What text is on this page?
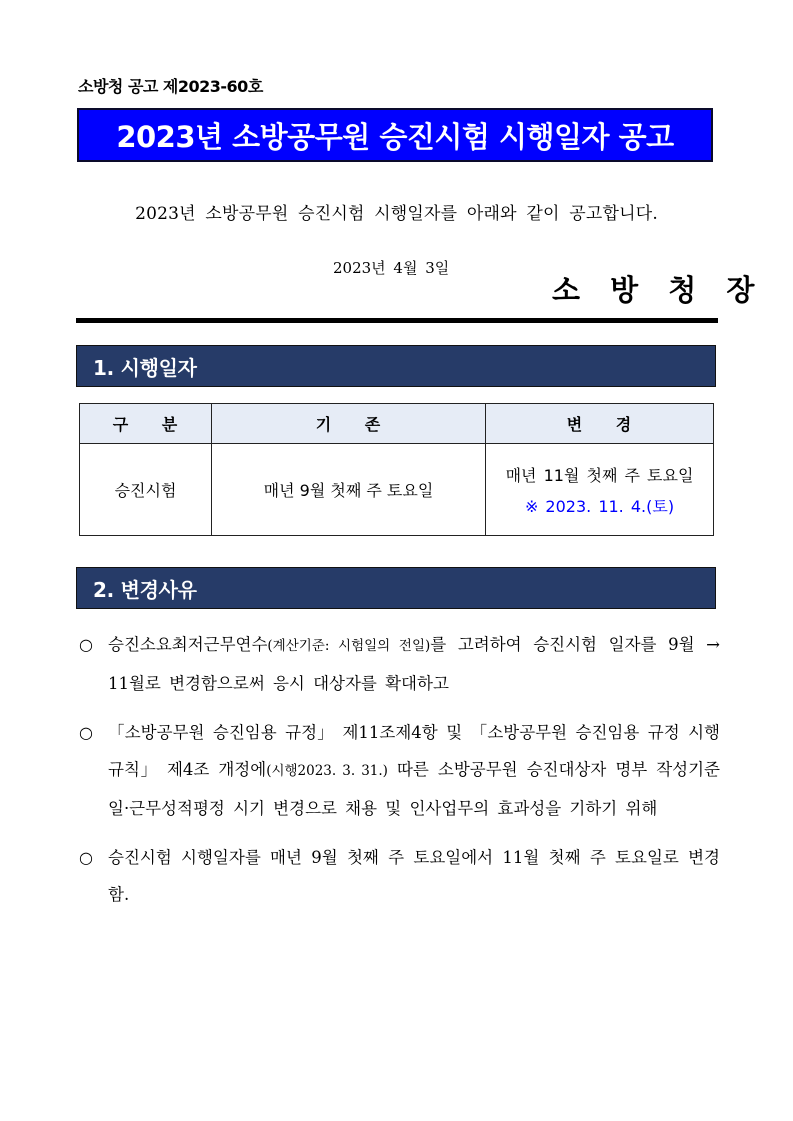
소방청 공고 제2023-60호
2023년 소방공무원 승진시험 시행일자 공고
2023년 소방공무원 승진시험 시행일자를 아래와 같이 공고합니다.
2023년 4월 3일
소 방 청 장
1. 시행일자
구 분	기 존	변 경
승진시험	매년 9월 첫째 주 토요일	매년 11월 첫째 주 토요일
※ 2023. 11. 4.(토)
2. 변경사유
○ 승진소요최저근무연수(계산기준: 시험일의 전일)를 고려하여 승진시험 일자를 9월 → 11월로 변경함으로써 응시 대상자를 확대하고
○ 「소방공무원 승진임용 규정」 제11조제4항 및 「소방공무원 승진임용 규정 시행규칙」 제4조 개정에(시행2023. 3. 31.) 따른 소방공무원 승진대상자 명부 작성기준일·근무성적평정 시기 변경으로 채용 및 인사업무의 효과성을 기하기 위해
○ 승진시험 시행일자를 매년 9월 첫째 주 토요일에서 11월 첫째 주 토요일로 변경함.
